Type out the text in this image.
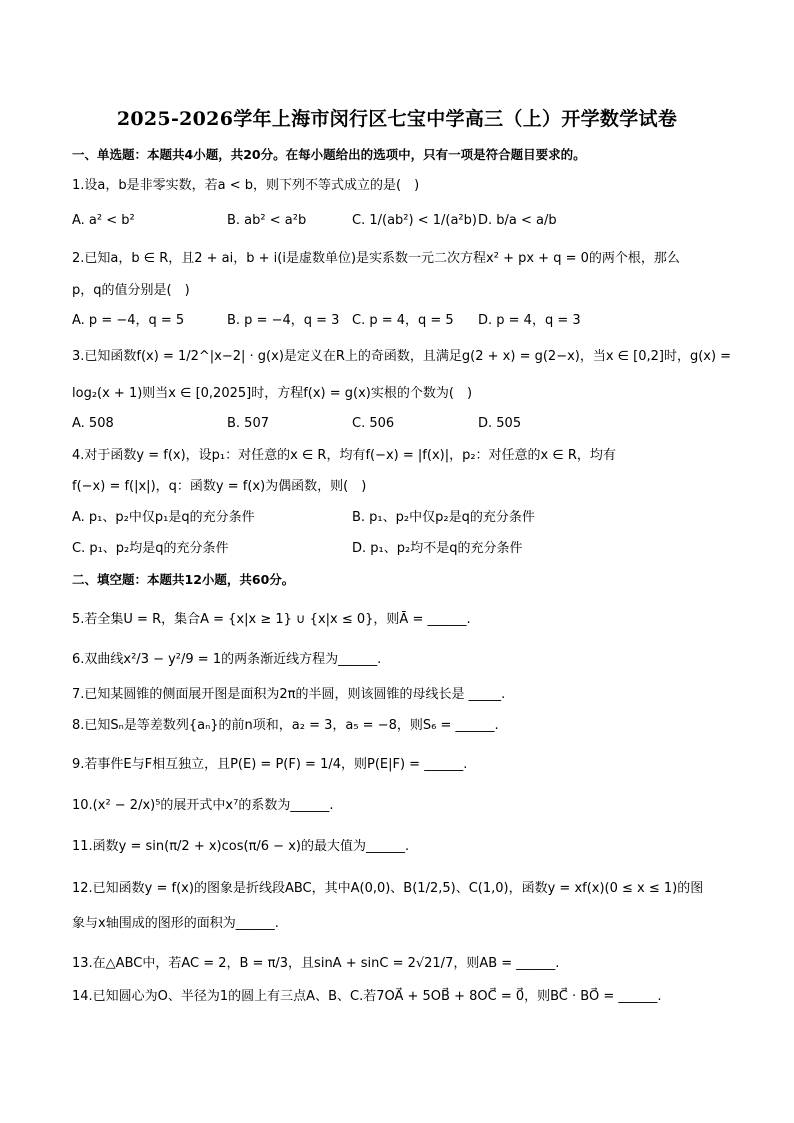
2025-2026学年上海市闵行区七宝中学高三（上）开学数学试卷
一、单选题：本题共4小题，共20分。在每小题给出的选项中，只有一项是符合题目要求的。
1.设a，b是非零实数，若a < b，则下列不等式成立的是(　)
A. a² < b²	B. ab² < a²b	C. 1/(ab²) < 1/(a²b) D. b/a < a/b
2.已知a，b ∈ R，且2 + ai，b + i(i是虚数单位)是实系数一元二次方程x² + px + q = 0的两个根，那么
p，q的值分别是(　)
A. p = −4，q = 5	B. p = −4，q = 3 C. p = 4，q = 5 D. p = 4，q = 3
3.已知函数f(x) = 1/2^|x−2| · g(x)是定义在R上的奇函数，且满足g(2 + x) = g(2−x)，当x ∈ [0,2]时，g(x) =
log₂(x + 1)则当x ∈ [0,2025]时，方程f(x) = g(x)实根的个数为(　)
A. 508	B. 507	C. 506	D. 505
4.对于函数y = f(x)，设p₁：对任意的x ∈ R，均有f(−x) = |f(x)|，p₂：对任意的x ∈ R，均有
f(−x) = f(|x|)，q：函数y = f(x)为偶函数，则(　)
A. p₁、p₂中仅p₁是q的充分条件	B. p₁、p₂中仅p₂是q的充分条件
C. p₁、p₂均是q的充分条件	D. p₁、p₂均不是q的充分条件
二、填空题：本题共12小题，共60分。
5.若全集U = R，集合A = {x|x ≥ 1} ∪ {x|x ≤ 0}，则Ā = ______.
6.双曲线x²/3 − y²/9 = 1的两条渐近线方程为______.
7.已知某圆锥的侧面展开图是面积为2π的半圆，则该圆锥的母线长是 _____.
8.已知Sₙ是等差数列{aₙ}的前n项和，a₂ = 3，a₅ = −8，则S₆ = ______.
9.若事件E与F相互独立，且P(E) = P(F) = 1/4，则P(E|F) = ______.
10.(x² − 2/x)⁵的展开式中x⁷的系数为______.
11.函数y = sin(π/2 + x)cos(π/6 − x)的最大值为______.
12.已知函数y = f(x)的图象是折线段ABC，其中A(0,0)、B(1/2,5)、C(1,0)，函数y = xf(x)(0 ≤ x ≤ 1)的图
象与x轴围成的图形的面积为______.
13.在△ABC中，若AC = 2，B = π/3，且sinA + sinC = 2√21/7，则AB = ______.
14.已知圆心为O、半径为1的圆上有三点A、B、C.若7OA⃗ + 5OB⃗ + 8OC⃗ = 0⃗，则BC⃗ · BO⃗ = ______.
